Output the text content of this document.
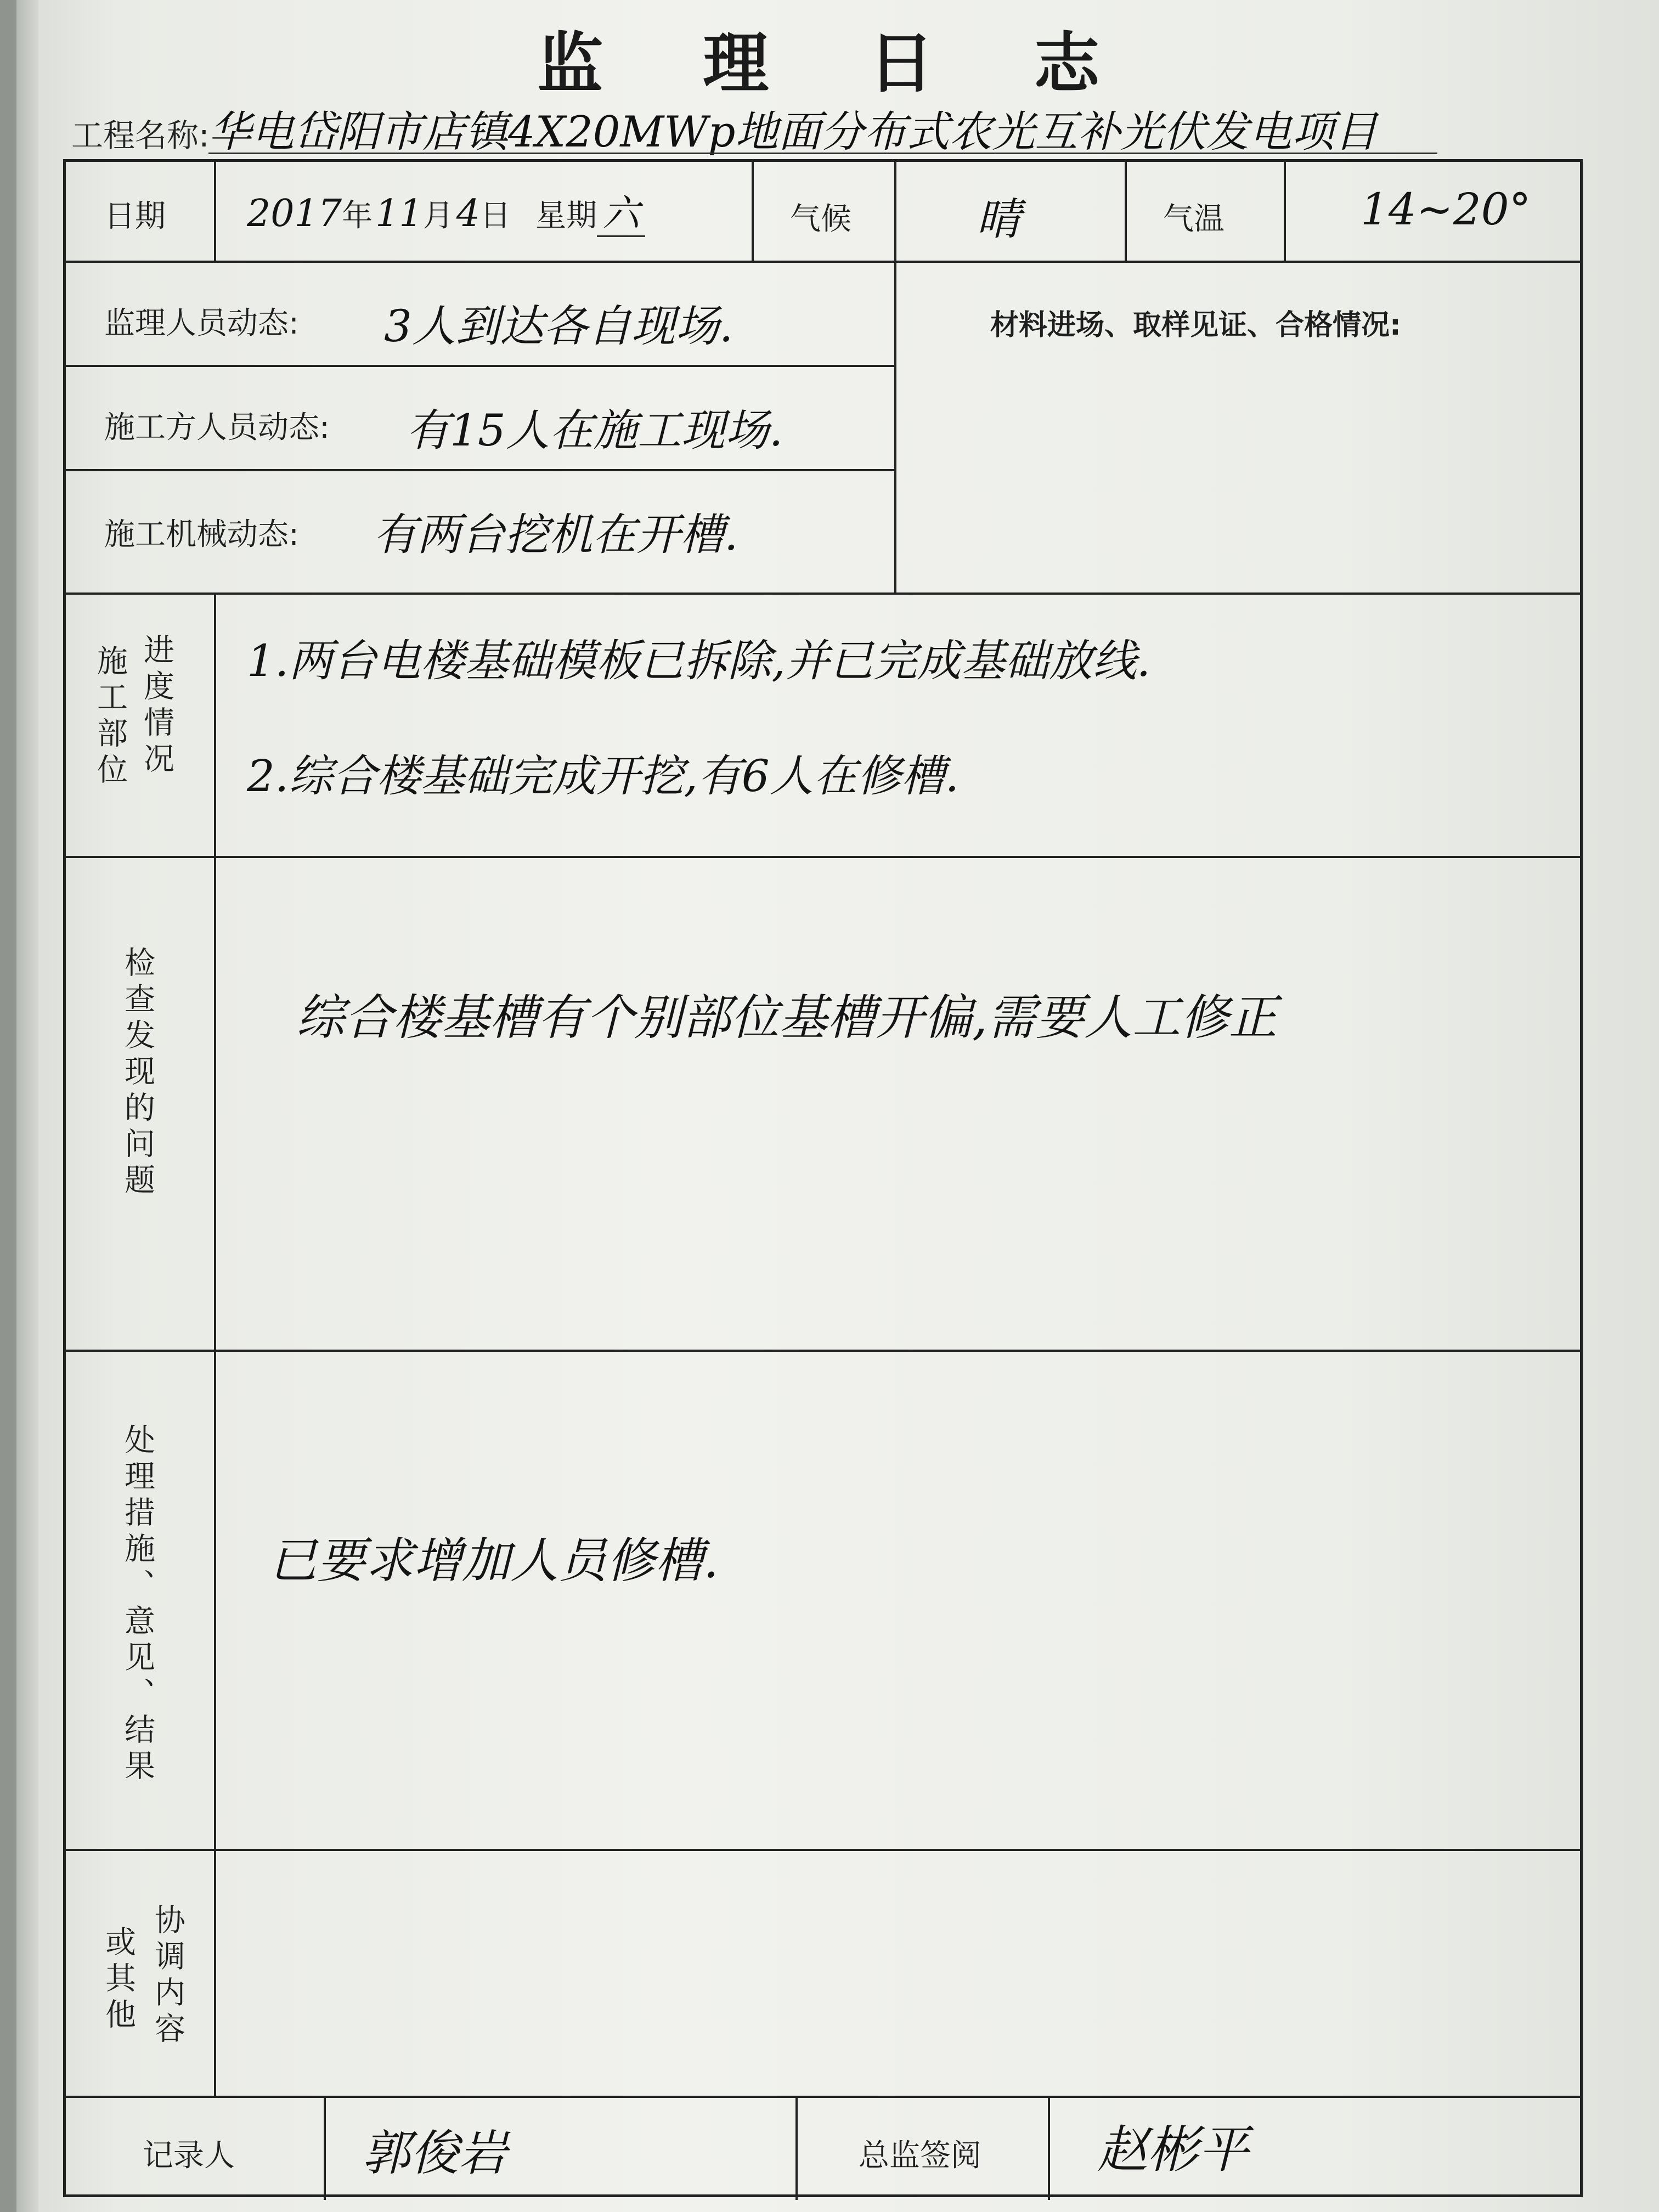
监 理 日 志
工程名称:
华电岱阳市店镇4X20MWp地面分布式农光互补光伏发电项目
日期 2017年 11月 4日 星期 六	气候	晴	气温	14~20°
监理人员动态: 3人到达各自现场.
施工方人员动态: 有15人在施工现场.
施工机械动态: 有两台挖机在开槽.
材料进场、取样见证、合格情况:
施工部位 进度情况 1.两台电楼基础模板已拆除,并已完成基础放线.
2.综合楼基础完成开挖,有6人在修槽.
检查发现的问题	综合楼基槽有个别部位基槽开偏,需要人工修正
处理措施、意见、结果 已要求增加人员修槽.
协调内容
或其他
记录人	郭俊岩	总监签阅 赵彬平
